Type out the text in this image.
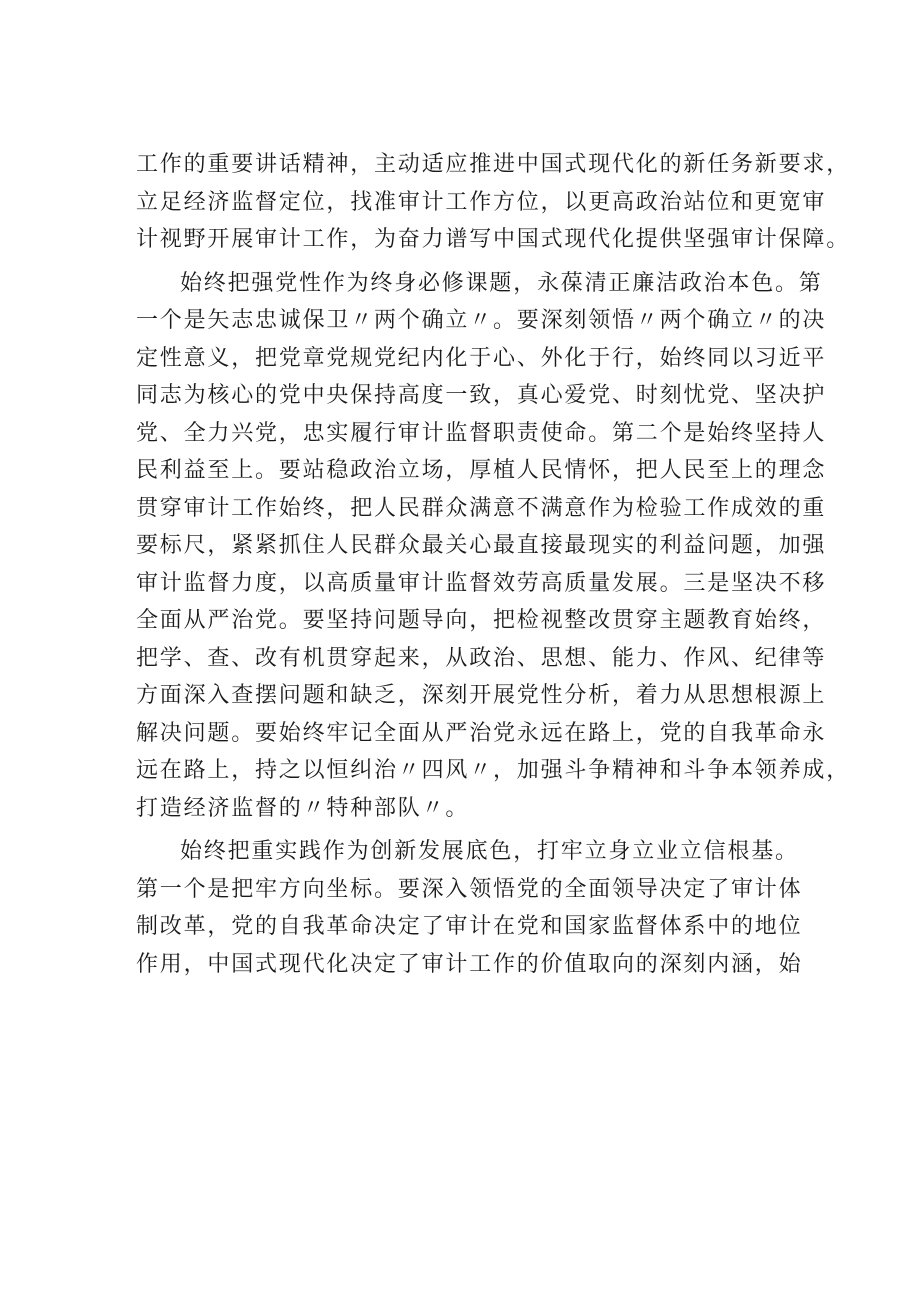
工作的重要讲话精神，主动适应推进中国式现代化的新任务新要求，
立足经济监督定位，找准审计工作方位，以更高政治站位和更宽审
计视野开展审计工作，为奋力谱写中国式现代化提供坚强审计保障。
始终把强党性作为终身必修课题，永葆清正廉洁政治本色。第
一个是矢志忠诚保卫〃两个确立〃。要深刻领悟〃两个确立〃的决
定性意义，把党章党规党纪内化于心、外化于行，始终同以习近平
同志为核心的党中央保持高度一致，真心爱党、时刻忧党、坚决护
党、全力兴党，忠实履行审计监督职责使命。第二个是始终坚持人
民利益至上。要站稳政治立场，厚植人民情怀，把人民至上的理念
贯穿审计工作始终，把人民群众满意不满意作为检验工作成效的重
要标尺，紧紧抓住人民群众最关心最直接最现实的利益问题，加强
审计监督力度，以高质量审计监督效劳高质量发展。三是坚决不移
全面从严治党。要坚持问题导向，把检视整改贯穿主题教育始终，
把学、查、改有机贯穿起来，从政治、思想、能力、作风、纪律等
方面深入查摆问题和缺乏，深刻开展党性分析，着力从思想根源上
解决问题。要始终牢记全面从严治党永远在路上，党的自我革命永
远在路上，持之以恒纠治〃四风〃，加强斗争精神和斗争本领养成，
打造经济监督的〃特种部队〃。
始终把重实践作为创新发展底色，打牢立身立业立信根基。
第一个是把牢方向坐标。要深入领悟党的全面领导决定了审计体
制改革，党的自我革命决定了审计在党和国家监督体系中的地位
作用，中国式现代化决定了审计工作的价值取向的深刻内涵，始
